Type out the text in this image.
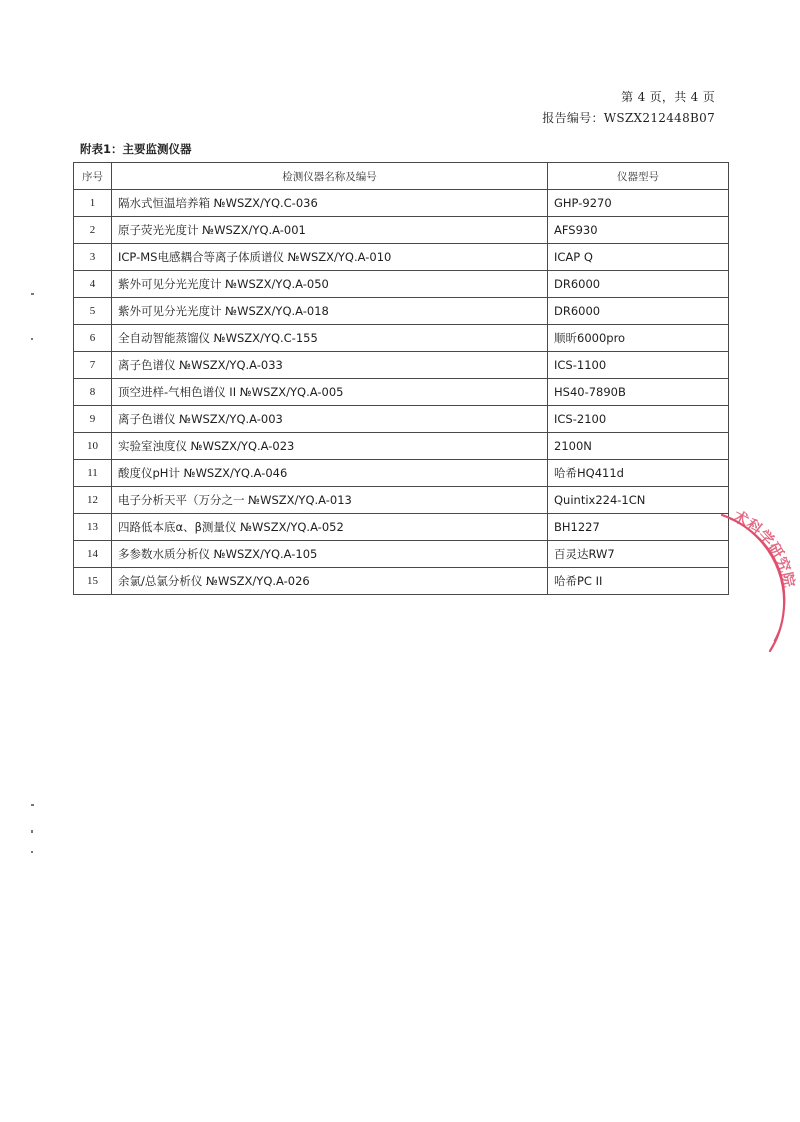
第 4 页，共 4 页
报告编号：WSZX212448B07
附表1：主要监测仪器
序号	检测仪器名称及编号	仪器型号
1	隔水式恒温培养箱 №WSZX/YQ.C-036	GHP-9270
2	原子荧光光度计 №WSZX/YQ.A-001	AFS930
3	ICP-MS电感耦合等离子体质谱仪 №WSZX/YQ.A-010	ICAP Q
4	紫外可见分光光度计 №WSZX/YQ.A-050	DR6000
5	紫外可见分光光度计 №WSZX/YQ.A-018	DR6000
6	全自动智能蒸馏仪 №WSZX/YQ.C-155	顺昕6000pro
7	离子色谱仪 №WSZX/YQ.A-033	ICS-1100
8	顶空进样-气相色谱仪 II №WSZX/YQ.A-005	HS40-7890B
9	离子色谱仪 №WSZX/YQ.A-003	ICS-2100
10	实验室浊度仪 №WSZX/YQ.A-023	2100N
11	酸度仪pH计 №WSZX/YQ.A-046	哈希HQ411d
12	电子分析天平（万分之一 №WSZX/YQ.A-013	Quintix224-1CN
13	四路低本底α、β测量仪 №WSZX/YQ.A-052	BH1227
14	多参数水质分析仪 №WSZX/YQ.A-105	百灵达RW7
15	余氯/总氯分析仪 №WSZX/YQ.A-026	哈希PC II
术科学研究院
